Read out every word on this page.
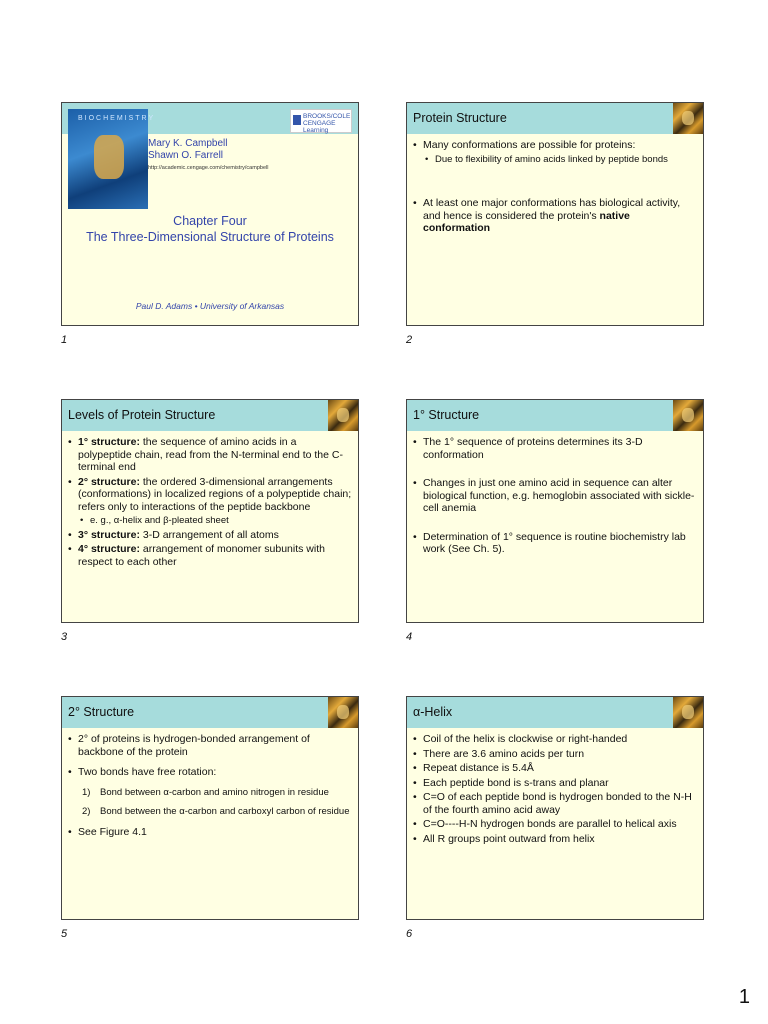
BIOCHEMISTRY	BROOKS/COLE CENGAGE Learning
Mary K. Campbell
Shawn O. Farrell
http://academic.cengage.com/chemistry/campbell
Chapter Four
The Three-Dimensional Structure of Proteins
Paul D. Adams • University of Arkansas
1
Protein Structure
• Many conformations are possible for proteins:
• Due to flexibility of amino acids linked by peptide bonds
• At least one major conformations has biological activity, and hence is considered the protein's native conformation
2
Levels of Protein Structure
• 1° structure: the sequence of amino acids in a polypeptide chain, read from the N-terminal end to the C-terminal end
• 2° structure: the ordered 3-dimensional arrangements (conformations) in localized regions of a polypeptide chain; refers only to interactions of the peptide backbone
• e. g., α-helix and β-pleated sheet
• 3° structure: 3-D arrangement of all atoms
• 4° structure: arrangement of monomer subunits with respect to each other
3
1° Structure
• The 1° sequence of proteins determines its 3-D conformation
• Changes in just one amino acid in sequence can alter biological function, e.g. hemoglobin associated with sickle-cell anemia
• Determination of 1° sequence is routine biochemistry lab work (See Ch. 5).
4
2° Structure
• 2° of proteins is hydrogen-bonded arrangement of backbone of the protein
• Two bonds have free rotation:
1) Bond between α-carbon and amino nitrogen in residue
2) Bond between the α-carbon and carboxyl carbon of residue
• See Figure 4.1
5
α-Helix
• Coil of the helix is clockwise or right-handed
• There are 3.6 amino acids per turn
• Repeat distance is 5.4Å
• Each peptide bond is s-trans and planar
• C=O of each peptide bond is hydrogen bonded to the N-H of the fourth amino acid away
• C=O----H-N hydrogen bonds are parallel to helical axis
• All R groups point outward from helix
6
1
